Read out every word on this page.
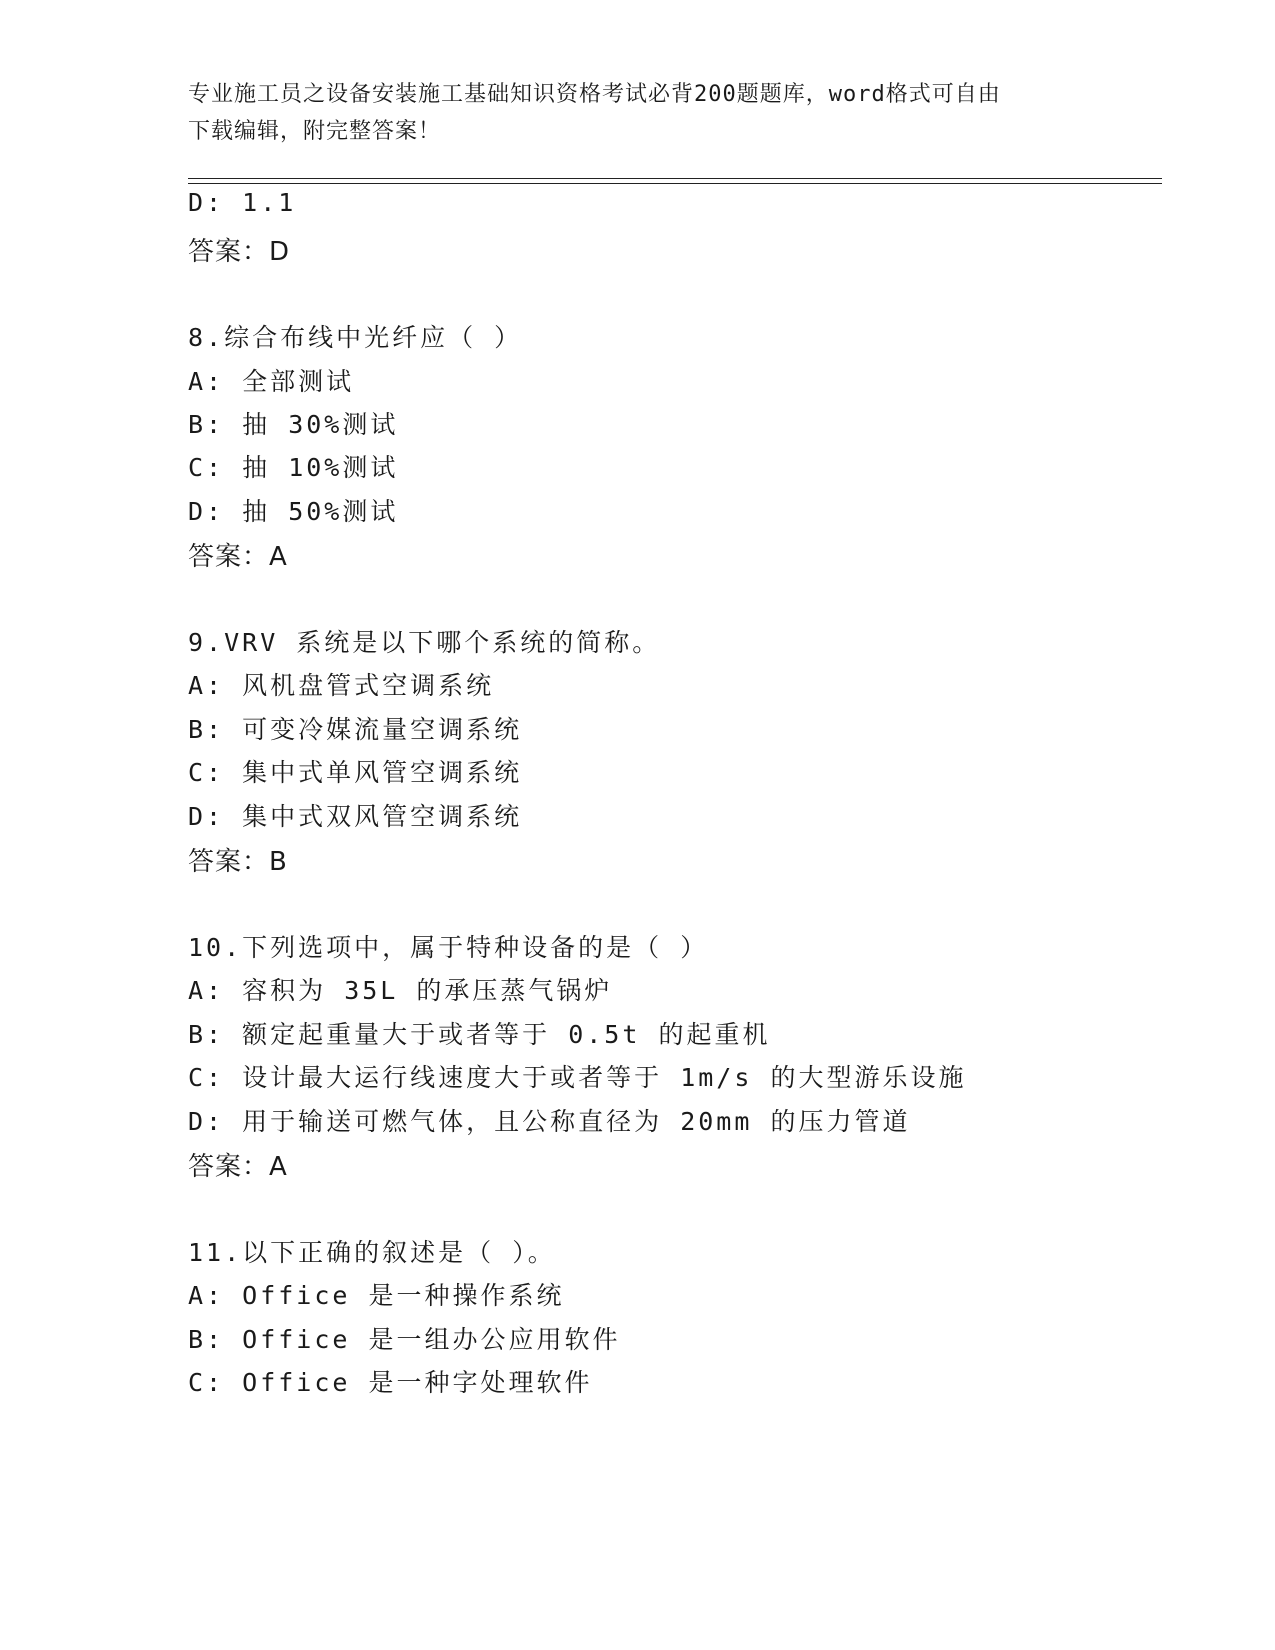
专业施工员之设备安装施工基础知识资格考试必背200题题库，word格式可自由
下载编辑，附完整答案！
D: 1.1
答案：D
8.综合布线中光纤应（ ）
A: 全部测试
B: 抽 30%测试
C: 抽 10%测试
D: 抽 50%测试
答案：A
9.VRV 系统是以下哪个系统的简称。
A: 风机盘管式空调系统
B: 可变冷媒流量空调系统
C: 集中式单风管空调系统
D: 集中式双风管空调系统
答案：B
10.下列选项中，属于特种设备的是（ ）
A: 容积为 35L 的承压蒸气锅炉
B: 额定起重量大于或者等于 0.5t 的起重机
C: 设计最大运行线速度大于或者等于 1m/s 的大型游乐设施
D: 用于输送可燃气体，且公称直径为 20mm 的压力管道
答案：A
11.以下正确的叙述是（ ）。
A: Office 是一种操作系统
B: Office 是一组办公应用软件
C: Office 是一种字处理软件
